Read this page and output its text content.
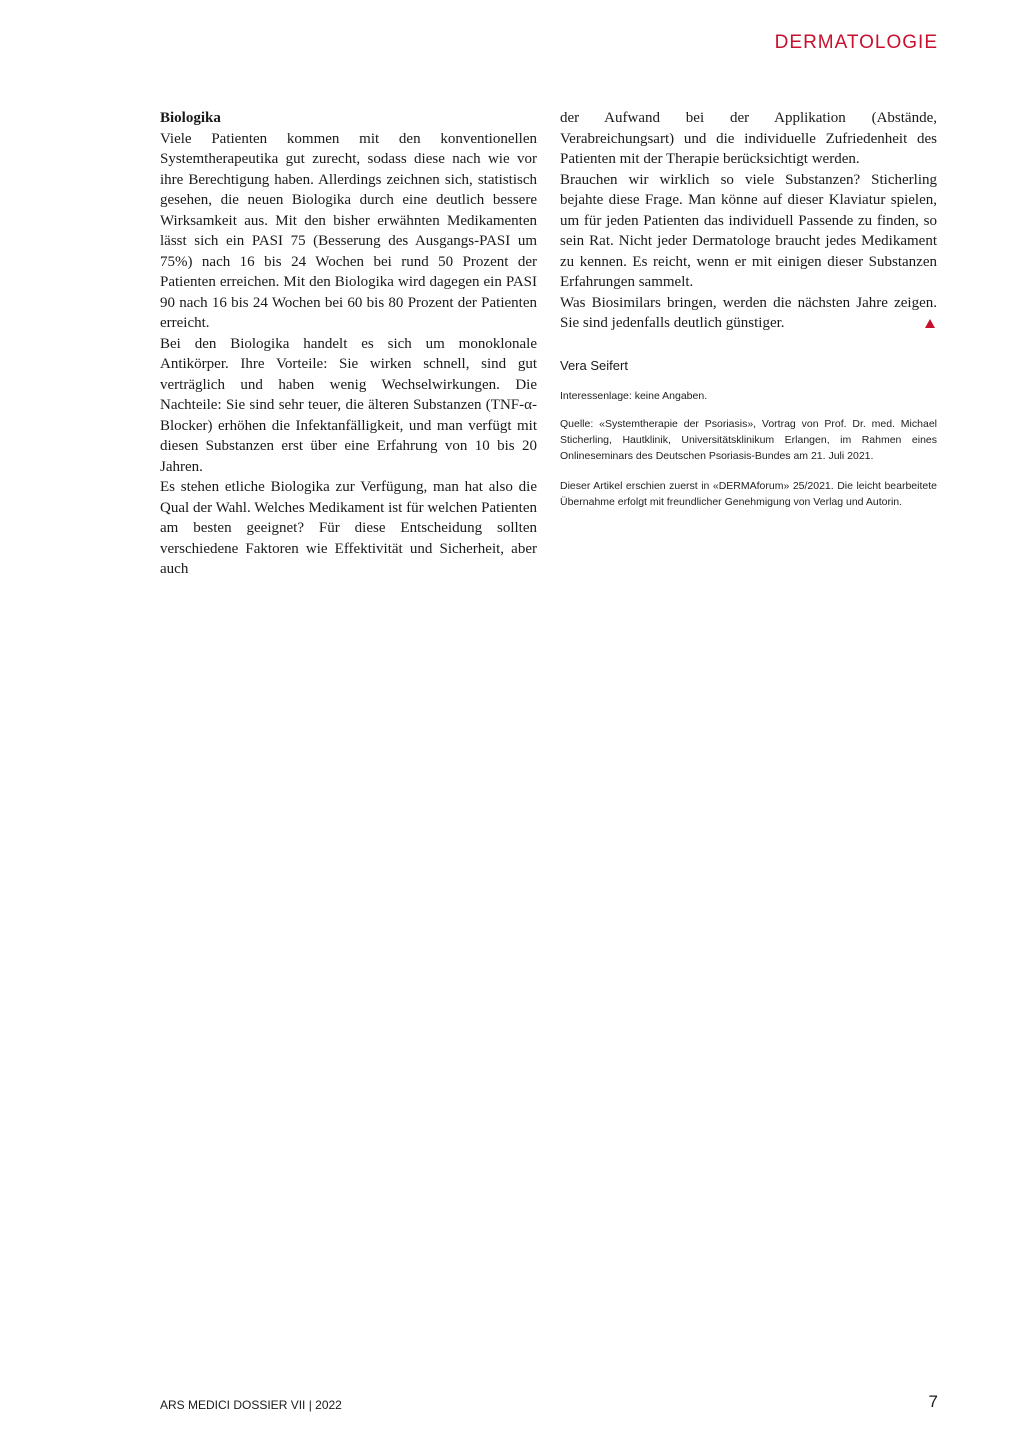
DERMATOLOGIE
Biologika

Viele Patienten kommen mit den konventionellen Systemtherapeutika gut zurecht, sodass diese nach wie vor ihre Berechtigung haben. Allerdings zeichnen sich, statistisch gesehen, die neuen Biologika durch eine deutlich bessere Wirksamkeit aus. Mit den bisher erwähnten Medikamenten lässt sich ein PASI 75 (Besserung des Ausgangs-PASI um 75%) nach 16 bis 24 Wochen bei rund 50 Prozent der Patienten erreichen. Mit den Biologika wird dagegen ein PASI 90 nach 16 bis 24 Wochen bei 60 bis 80 Prozent der Patienten erreicht.

Bei den Biologika handelt es sich um monoklonale Antikörper. Ihre Vorteile: Sie wirken schnell, sind gut verträglich und haben wenig Wechselwirkungen. Die Nachteile: Sie sind sehr teuer, die älteren Substanzen (TNF-α-Blocker) erhöhen die Infektanfälligkeit, und man verfügt mit diesen Substanzen erst über eine Erfahrung von 10 bis 20 Jahren.

Es stehen etliche Biologika zur Verfügung, man hat also die Qual der Wahl. Welches Medikament ist für welchen Patienten am besten geeignet? Für diese Entscheidung sollten verschiedene Faktoren wie Effektivität und Sicherheit, aber auch

der Aufwand bei der Applikation (Abstände, Verabreichungsart) und die individuelle Zufriedenheit des Patienten mit der Therapie berücksichtigt werden.

Brauchen wir wirklich so viele Substanzen? Sticherling bejahte diese Frage. Man könne auf dieser Klaviatur spielen, um für jeden Patienten das individuell Passende zu finden, so sein Rat. Nicht jeder Dermatologe braucht jedes Medikament zu kennen. Es reicht, wenn er mit einigen dieser Substanzen Erfahrungen sammelt.

Was Biosimilars bringen, werden die nächsten Jahre zeigen. Sie sind jedenfalls deutlich günstiger.

Vera Seifert

Interessenlage: keine Angaben.

Quelle: «Systemtherapie der Psoriasis», Vortrag von Prof. Dr. med. Michael Sticherling, Hautklinik, Universitätsklinikum Erlangen, im Rahmen eines Onlineseminars des Deutschen Psoriasis-Bundes am 21. Juli 2021.

Dieser Artikel erschien zuerst in «DERMAforum» 25/2021. Die leicht bearbeitete Übernahme erfolgt mit freundlicher Genehmigung von Verlag und Autorin.

ARS MEDICI DOSSIER VII | 2022	7
